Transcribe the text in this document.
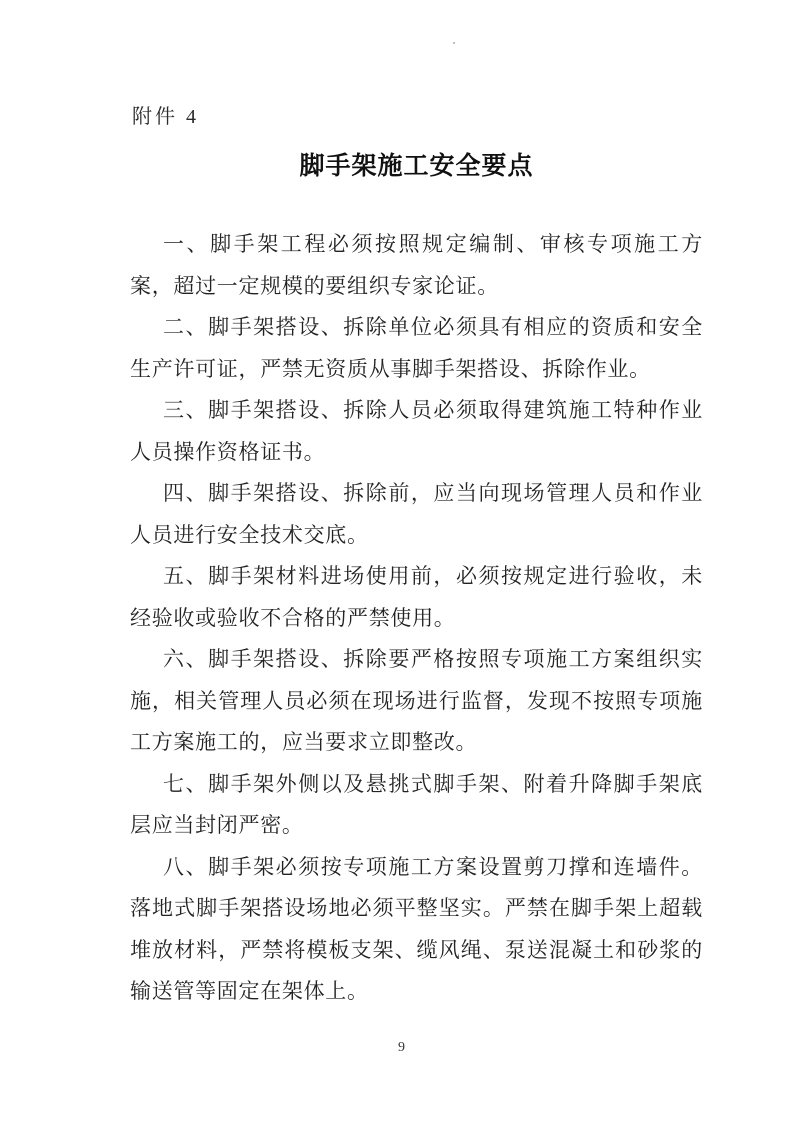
附件 4
脚手架施工安全要点

一、脚手架工程必须按照规定编制、审核专项施工方案，超过一定规模的要组织专家论证。

二、脚手架搭设、拆除单位必须具有相应的资质和安全生产许可证，严禁无资质从事脚手架搭设、拆除作业。

三、脚手架搭设、拆除人员必须取得建筑施工特种作业人员操作资格证书。

四、脚手架搭设、拆除前，应当向现场管理人员和作业人员进行安全技术交底。

五、脚手架材料进场使用前，必须按规定进行验收，未经验收或验收不合格的严禁使用。

六、脚手架搭设、拆除要严格按照专项施工方案组织实施，相关管理人员必须在现场进行监督，发现不按照专项施工方案施工的，应当要求立即整改。

七、脚手架外侧以及悬挑式脚手架、附着升降脚手架底层应当封闭严密。

八、脚手架必须按专项施工方案设置剪刀撑和连墙件。落地式脚手架搭设场地必须平整坚实。严禁在脚手架上超载堆放材料，严禁将模板支架、缆风绳、泵送混凝土和砂浆的输送管等固定在架体上。

9
